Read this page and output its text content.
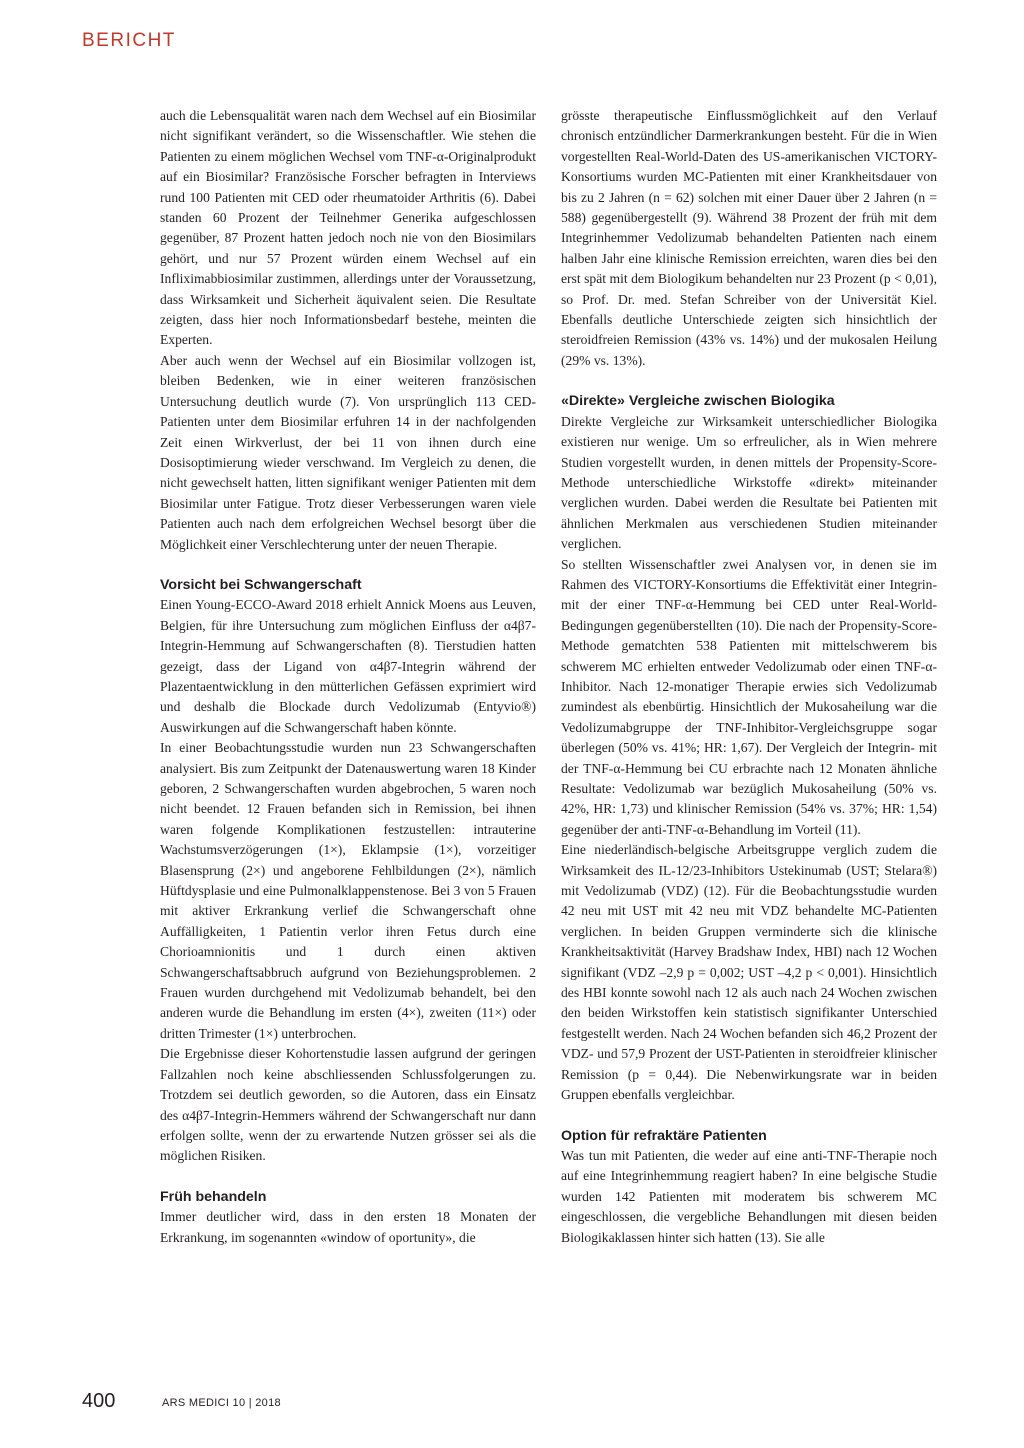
BERICHT

auch die Lebensqualität waren nach dem Wechsel auf ein Biosimilar nicht signifikant verändert, so die Wissenschaftler. Wie stehen die Patienten zu einem möglichen Wechsel vom TNF-α-Originalprodukt auf ein Biosimilar? Französische Forscher befragten in Interviews rund 100 Patienten mit CED oder rheumatoider Arthritis (6). Dabei standen 60 Prozent der Teilnehmer Generika aufgeschlossen gegenüber, 87 Prozent hatten jedoch noch nie von den Biosimilars gehört, und nur 57 Prozent würden einem Wechsel auf ein Infliximabbiosimilar zustimmen, allerdings unter der Voraussetzung, dass Wirksamkeit und Sicherheit äquivalent seien. Die Resultate zeigten, dass hier noch Informationsbedarf bestehe, meinten die Experten.

Aber auch wenn der Wechsel auf ein Biosimilar vollzogen ist, bleiben Bedenken, wie in einer weiteren französischen Untersuchung deutlich wurde (7). Von ursprünglich 113 CED-Patienten unter dem Biosimilar erfuhren 14 in der nachfolgenden Zeit einen Wirkverlust, der bei 11 von ihnen durch eine Dosisoptimierung wieder verschwand. Im Vergleich zu denen, die nicht gewechselt hatten, litten signifikant weniger Patienten mit dem Biosimilar unter Fatigue. Trotz dieser Verbesserungen waren viele Patienten auch nach dem erfolgreichen Wechsel besorgt über die Möglichkeit einer Verschlechterung unter der neuen Therapie.

Vorsicht bei Schwangerschaft

Einen Young-ECCO-Award 2018 erhielt Annick Moens aus Leuven, Belgien, für ihre Untersuchung zum möglichen Einfluss der α4β7-Integrin-Hemmung auf Schwangerschaften (8). Tierstudien hatten gezeigt, dass der Ligand von α4β7-Integrin während der Plazentaentwicklung in den mütterlichen Gefässen exprimiert wird und deshalb die Blockade durch Vedolizumab (Entyvio®) Auswirkungen auf die Schwangerschaft haben könnte.

In einer Beobachtungsstudie wurden nun 23 Schwangerschaften analysiert. Bis zum Zeitpunkt der Datenauswertung waren 18 Kinder geboren, 2 Schwangerschaften wurden abgebrochen, 5 waren noch nicht beendet. 12 Frauen befanden sich in Remission, bei ihnen waren folgende Komplikationen festzustellen: intrauterine Wachstumsverzögerungen (1×), Eklampsie (1×), vorzeitiger Blasensprung (2×) und angeborene Fehlbildungen (2×), nämlich Hüftdysplasie und eine Pulmonalklappenstenose. Bei 3 von 5 Frauen mit aktiver Erkrankung verlief die Schwangerschaft ohne Auffälligkeiten, 1 Patientin verlor ihren Fetus durch eine Chorioamnionitis und 1 durch einen aktiven Schwangerschaftsabbruch aufgrund von Beziehungsproblemen. 2 Frauen wurden durchgehend mit Vedolizumab behandelt, bei den anderen wurde die Behandlung im ersten (4×), zweiten (11×) oder dritten Trimester (1×) unterbrochen.

Die Ergebnisse dieser Kohortenstudie lassen aufgrund der geringen Fallzahlen noch keine abschliessenden Schlussfolgerungen zu. Trotzdem sei deutlich geworden, so die Autoren, dass ein Einsatz des α4β7-Integrin-Hemmers während der Schwangerschaft nur dann erfolgen sollte, wenn der zu erwartende Nutzen grösser sei als die möglichen Risiken.

Früh behandeln

Immer deutlicher wird, dass in den ersten 18 Monaten der Erkrankung, im sogenannten «window of oportunity», die

grösste therapeutische Einflussmöglichkeit auf den Verlauf chronisch entzündlicher Darmerkrankungen besteht. Für die in Wien vorgestellten Real-World-Daten des US-amerikanischen VICTORY-Konsortiums wurden MC-Patienten mit einer Krankheitsdauer von bis zu 2 Jahren (n = 62) solchen mit einer Dauer über 2 Jahren (n = 588) gegenübergestellt (9). Während 38 Prozent der früh mit dem Integrinhemmer Vedolizumab behandelten Patienten nach einem halben Jahr eine klinische Remission erreichten, waren dies bei den erst spät mit dem Biologikum behandelten nur 23 Prozent (p < 0,01), so Prof. Dr. med. Stefan Schreiber von der Universität Kiel. Ebenfalls deutliche Unterschiede zeigten sich hinsichtlich der steroidfreien Remission (43% vs. 14%) und der mukosalen Heilung (29% vs. 13%).

«Direkte» Vergleiche zwischen Biologika

Direkte Vergleiche zur Wirksamkeit unterschiedlicher Biologika existieren nur wenige. Um so erfreulicher, als in Wien mehrere Studien vorgestellt wurden, in denen mittels der Propensity-Score-Methode unterschiedliche Wirkstoffe «direkt» miteinander verglichen wurden. Dabei werden die Resultate bei Patienten mit ähnlichen Merkmalen aus verschiedenen Studien miteinander verglichen.

So stellten Wissenschaftler zwei Analysen vor, in denen sie im Rahmen des VICTORY-Konsortiums die Effektivität einer Integrin- mit der einer TNF-α-Hemmung bei CED unter Real-World-Bedingungen gegenüberstellten (10). Die nach der Propensity-Score-Methode gematchten 538 Patienten mit mittelschwerem bis schwerem MC erhielten entweder Vedolizumab oder einen TNF-α-Inhibitor. Nach 12-monatiger Therapie erwies sich Vedolizumab zumindest als ebenbürtig. Hinsichtlich der Mukosaheilung war die Vedolizumabgruppe der TNF-Inhibitor-Vergleichsgruppe sogar überlegen (50% vs. 41%; HR: 1,67). Der Vergleich der Integrin- mit der TNF-α-Hemmung bei CU erbrachte nach 12 Monaten ähnliche Resultate: Vedolizumab war bezüglich Mukosaheilung (50% vs. 42%, HR: 1,73) und klinischer Remission (54% vs. 37%; HR: 1,54) gegenüber der anti-TNF-α-Behandlung im Vorteil (11).

Eine niederländisch-belgische Arbeitsgruppe verglich zudem die Wirksamkeit des IL-12/23-Inhibitors Ustekinumab (UST; Stelara®) mit Vedolizumab (VDZ) (12). Für die Beobachtungsstudie wurden 42 neu mit UST mit 42 neu mit VDZ behandelte MC-Patienten verglichen. In beiden Gruppen verminderte sich die klinische Krankheitsaktivität (Harvey Bradshaw Index, HBI) nach 12 Wochen signifikant (VDZ –2,9 p = 0,002; UST –4,2 p < 0,001). Hinsichtlich des HBI konnte sowohl nach 12 als auch nach 24 Wochen zwischen den beiden Wirkstoffen kein statistisch signifikanter Unterschied festgestellt werden. Nach 24 Wochen befanden sich 46,2 Prozent der VDZ- und 57,9 Prozent der UST-Patienten in steroidfreier klinischer Remission (p = 0,44). Die Nebenwirkungsrate war in beiden Gruppen ebenfalls vergleichbar.

Option für refraktäre Patienten

Was tun mit Patienten, die weder auf eine anti-TNF-Therapie noch auf eine Integrinhemmung reagiert haben? In eine belgische Studie wurden 142 Patienten mit moderatem bis schwerem MC eingeschlossen, die vergebliche Behandlungen mit diesen beiden Biologikaklassen hinter sich hatten (13). Sie alle

400	ARS MEDICI 10 | 2018
